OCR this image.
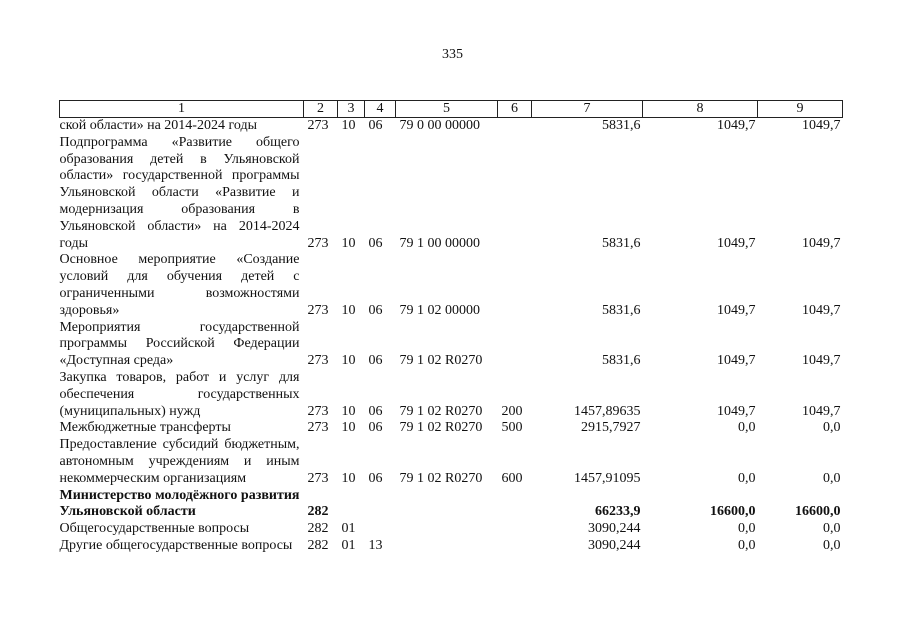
335
1	2	3	4	5	6	7	8	9
ской области» на 2014-2024 годы	273	10	06	79 0 00 00000		5831,6	1049,7	1049,7
Подпрограмма «Развитие общего образования детей в Ульяновской области» государственной программы Ульяновской области «Развитие и модернизация образования в Ульяновской области» на 2014-2024 годы	273	10	06	79 1 00 00000		5831,6	1049,7	1049,7
Основное мероприятие «Создание условий для обучения детей с ограниченными возможностями здоровья»	273	10	06	79 1 02 00000		5831,6	1049,7	1049,7
Мероприятия государственной программы Российской Федерации «Доступная среда»	273	10	06	79 1 02 R0270		5831,6	1049,7	1049,7
Закупка товаров, работ и услуг для обеспечения государственных (муниципальных) нужд	273	10	06	79 1 02 R0270	200	1457,89635	1049,7	1049,7
Межбюджетные трансферты	273	10	06	79 1 02 R0270	500	2915,7927	0,0	0,0
Предоставление субсидий бюджетным, автономным учреждениям и иным некоммерческим организациям	273	10	06	79 1 02 R0270	600	1457,91095	0,0	0,0
Министерство молодёжного развития Ульяновской области	282					66233,9	16600,0	16600,0
Общегосударственные вопросы	282	01				3090,244	0,0	0,0
Другие общегосударственные вопросы	282	01	13			3090,244	0,0	0,0
